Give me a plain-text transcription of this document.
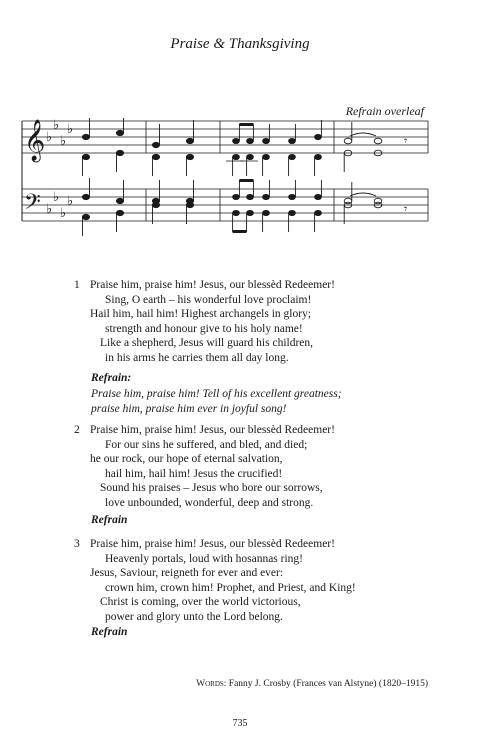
Praise & Thanksgiving
Refrain overleaf
𝄞
𝄢
♭
♭
♭
♭
♭
♭
♭
♭
𝄾
𝄾
1 Praise him, praise him! Jesus, our blessèd Redeemer!
Sing, O earth – his wonderful love proclaim!
Hail him, hail him! Highest archangels in glory;
strength and honour give to his holy name!
Like a shepherd, Jesus will guard his children,
in his arms he carries them all day long.
Refrain:
Praise him, praise him! Tell of his excellent greatness;
praise him, praise him ever in joyful song!
2 Praise him, praise him! Jesus, our blessèd Redeemer!
For our sins he suffered, and bled, and died;
he our rock, our hope of eternal salvation,
hail him, hail him! Jesus the crucified!
Sound his praises – Jesus who bore our sorrows,
love unbounded, wonderful, deep and strong.
Refrain
3 Praise him, praise him! Jesus, our blessèd Redeemer!
Heavenly portals, loud with hosannas ring!
Jesus, Saviour, reigneth for ever and ever:
crown him, crown him! Prophet, and Priest, and King!
Christ is coming, over the world victorious,
power and glory unto the Lord belong.
Refrain
Words: Fanny J. Crosby (Frances van Alstyne) (1820–1915)
735
